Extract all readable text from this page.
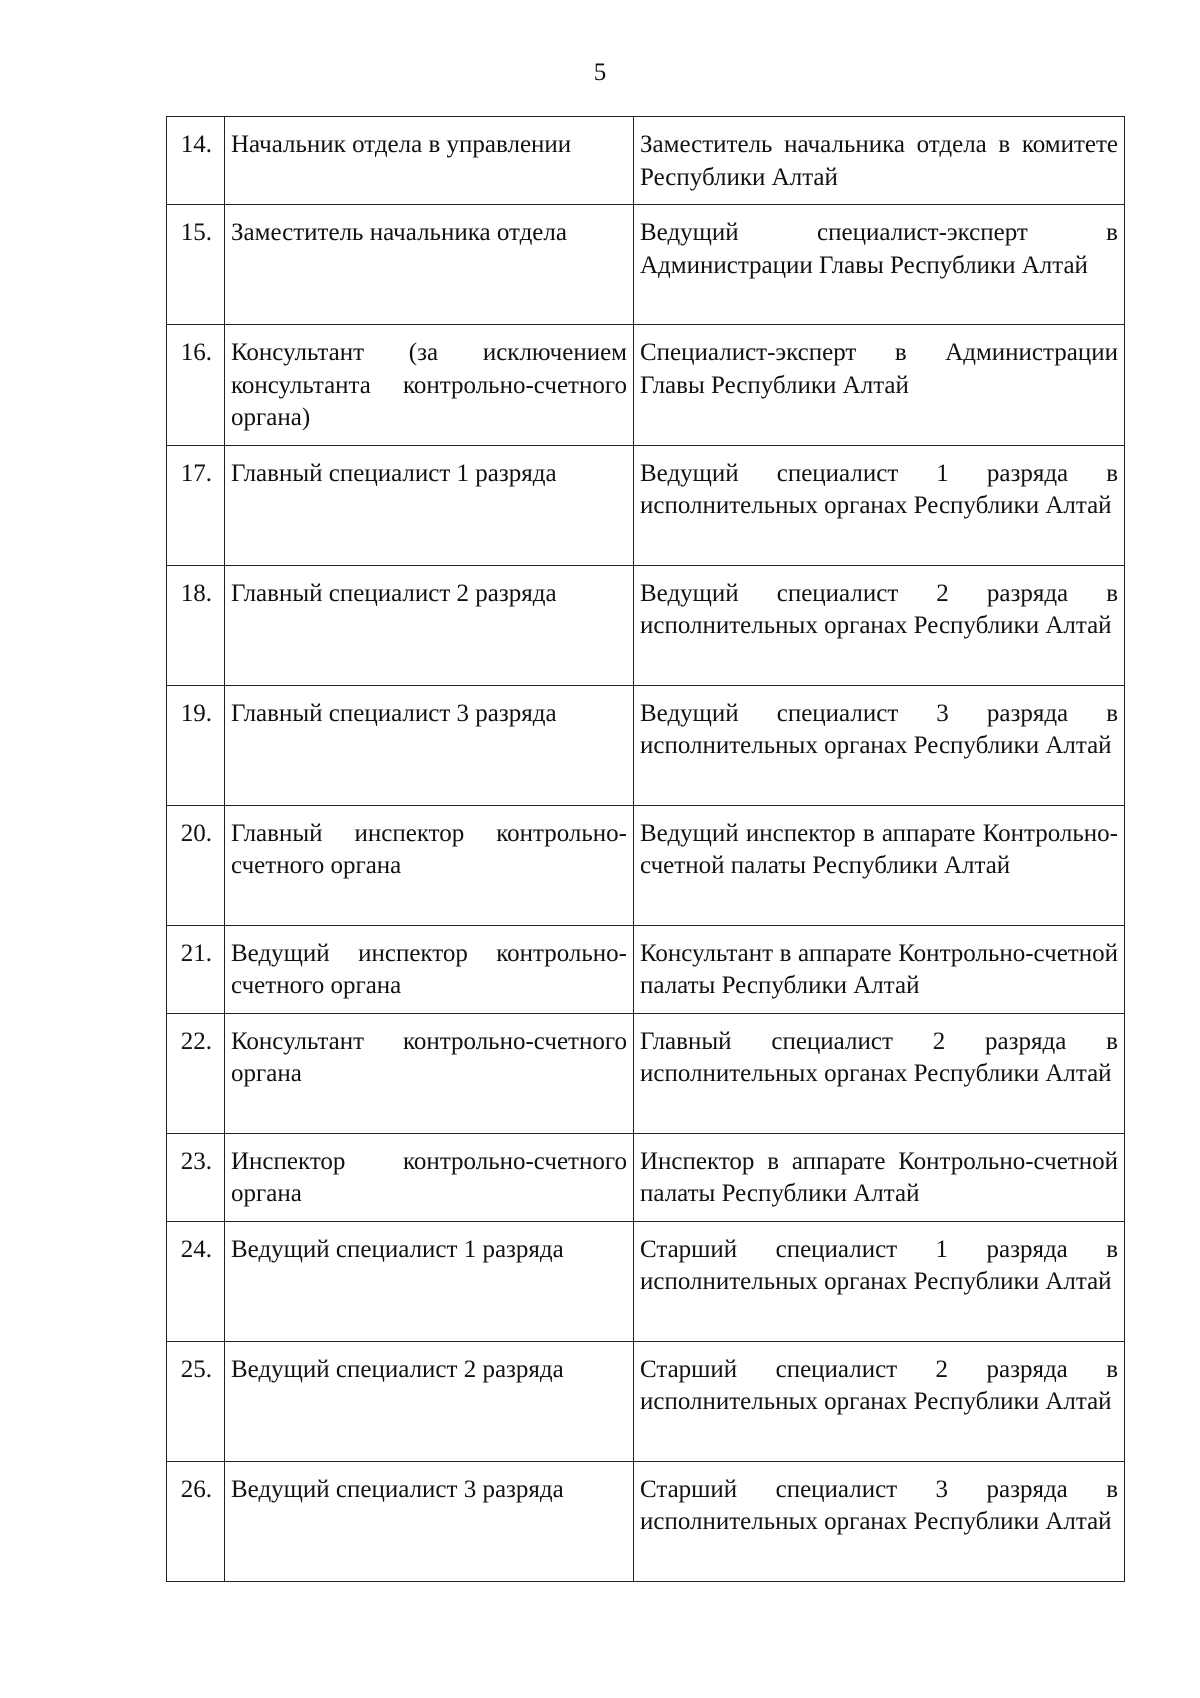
5
14.	Начальник отдела в управлении	Заместитель начальника отдела в комитете Республики Алтай
15.	Заместитель начальника отдела	Ведущий специалист-эксперт в Администрации Главы Республики Алтай
16.	Консультант (за исключением консультанта контрольно-счетного органа)	Специалист-эксперт в Администрации Главы Республики Алтай
17.	Главный специалист 1 разряда	Ведущий специалист 1 разряда в исполнительных органах Республики Алтай
18.	Главный специалист 2 разряда	Ведущий специалист 2 разряда в исполнительных органах Республики Алтай
19.	Главный специалист 3 разряда	Ведущий специалист 3 разряда в исполнительных органах Республики Алтай
20.	Главный инспектор контрольно-счетного органа	Ведущий инспектор в аппарате Контрольно-счетной палаты Республики Алтай
21.	Ведущий инспектор контрольно-счетного органа	Консультант в аппарате Контрольно-счетной палаты Республики Алтай
22.	Консультант контрольно-счетного органа	Главный специалист 2 разряда в исполнительных органах Республики Алтай
23.	Инспектор контрольно-счетного органа	Инспектор в аппарате Контрольно-счетной палаты Республики Алтай
24.	Ведущий специалист 1 разряда	Старший специалист 1 разряда в исполнительных органах Республики Алтай
25.	Ведущий специалист 2 разряда	Старший специалист 2 разряда в исполнительных органах Республики Алтай
26.	Ведущий специалист 3 разряда	Старший специалист 3 разряда в исполнительных органах Республики Алтай
